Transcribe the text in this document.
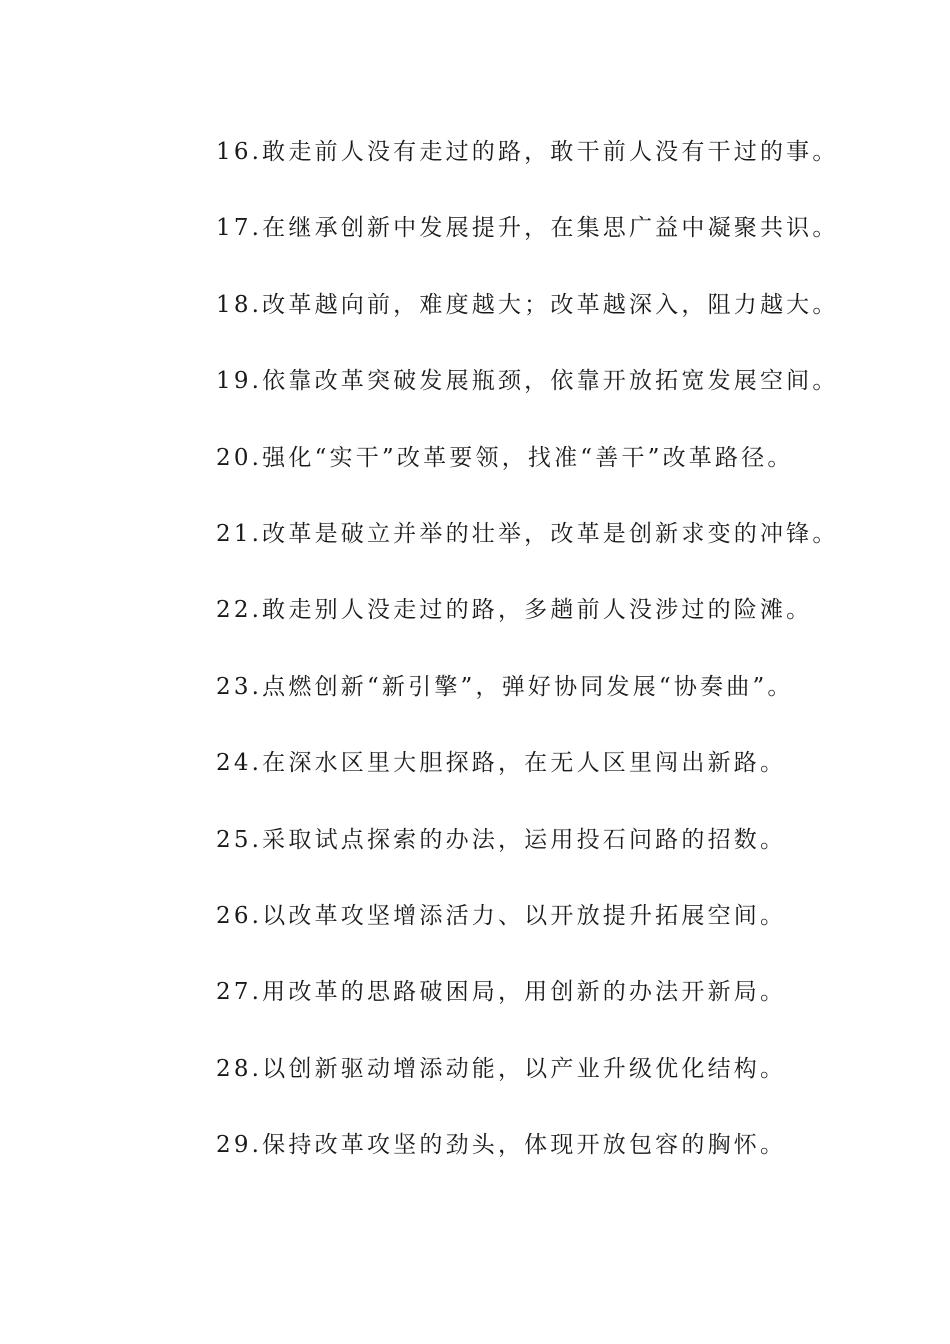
16.敢走前人没有走过的路，敢干前人没有干过的事。
17.在继承创新中发展提升，在集思广益中凝聚共识。
18.改革越向前，难度越大；改革越深入，阻力越大。
19.依靠改革突破发展瓶颈，依靠开放拓宽发展空间。
20.强化“实干”改革要领，找准“善干”改革路径。
21.改革是破立并举的壮举，改革是创新求变的冲锋。
22.敢走别人没走过的路，多趟前人没涉过的险滩。
23.点燃创新“新引擎”，弹好协同发展“协奏曲”。
24.在深水区里大胆探路，在无人区里闯出新路。
25.采取试点探索的办法，运用投石问路的招数。
26.以改革攻坚增添活力、以开放提升拓展空间。
27.用改革的思路破困局，用创新的办法开新局。
28.以创新驱动增添动能，以产业升级优化结构。
29.保持改革攻坚的劲头，体现开放包容的胸怀。
